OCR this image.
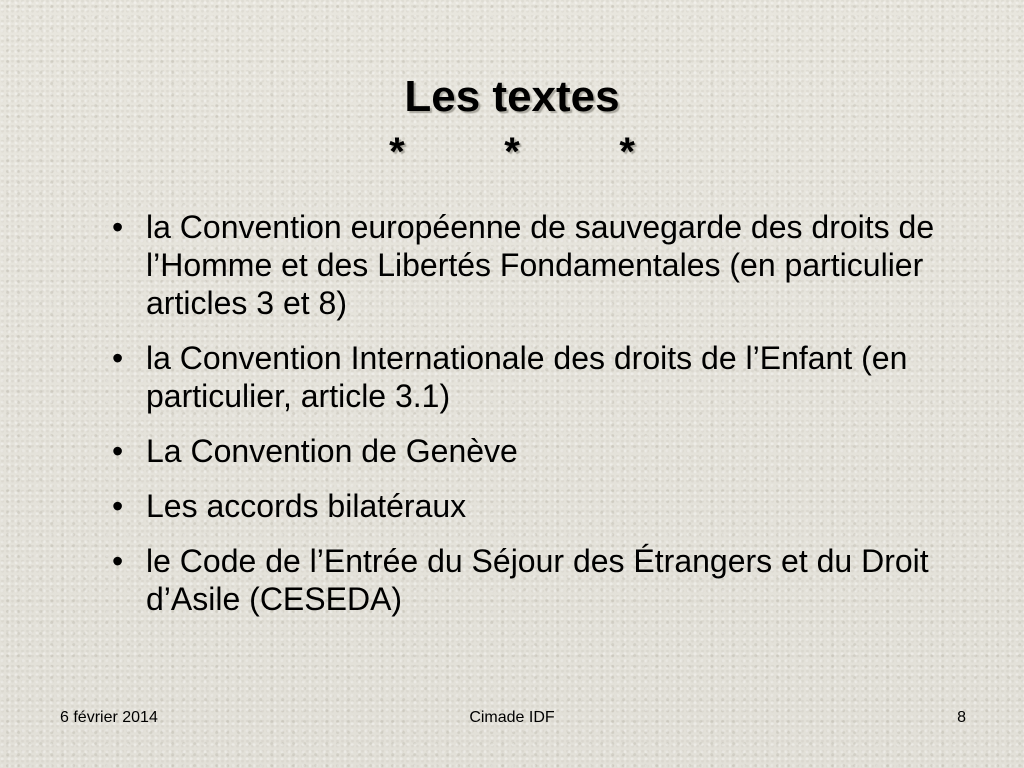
Les textes
* * *
• la Convention européenne de sauvegarde des droits de l’Homme et des Libertés Fondamentales (en particulier articles 3 et 8)
• la Convention Internationale des droits de l’Enfant (en particulier, article 3.1)
• La Convention de Genève
• Les accords bilatéraux
• le Code de l’Entrée du Séjour des Étrangers et du Droit d’Asile (CESEDA)
6 février 2014	Cimade IDF	8
